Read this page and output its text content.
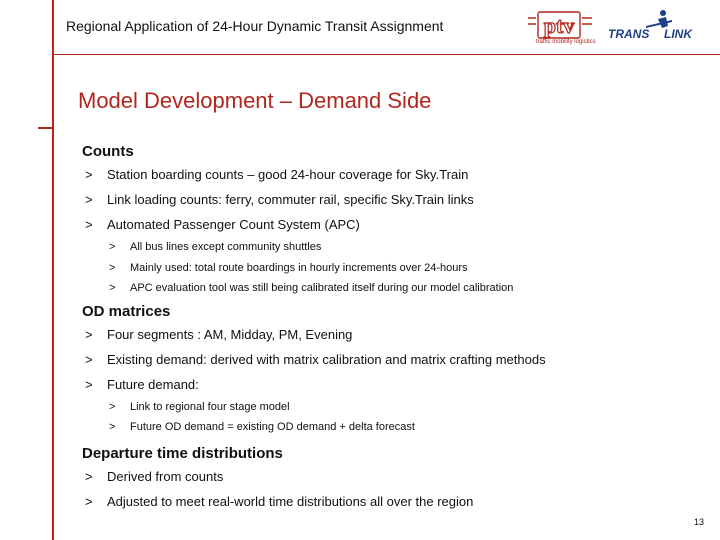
Regional Application of 24-Hour Dynamic Transit Assignment	ptv
traffic mobility logistics
TRANS LINK
Model Development – Demand Side
Counts
> Station boarding counts – good 24-hour coverage for Sky.Train
> Link loading counts: ferry, commuter rail, specific Sky.Train links
> Automated Passenger Count System (APC)
> All bus lines except community shuttles
> Mainly used: total route boardings in hourly increments over 24-hours
> APC evaluation tool was still being calibrated itself during our model calibration
OD matrices
> Four segments : AM, Midday, PM, Evening
> Existing demand: derived with matrix calibration and matrix crafting methods
> Future demand:
> Link to regional four stage model
> Future OD demand = existing OD demand + delta forecast
Departure time distributions
> Derived from counts
> Adjusted to meet real-world time distributions all over the region
13
